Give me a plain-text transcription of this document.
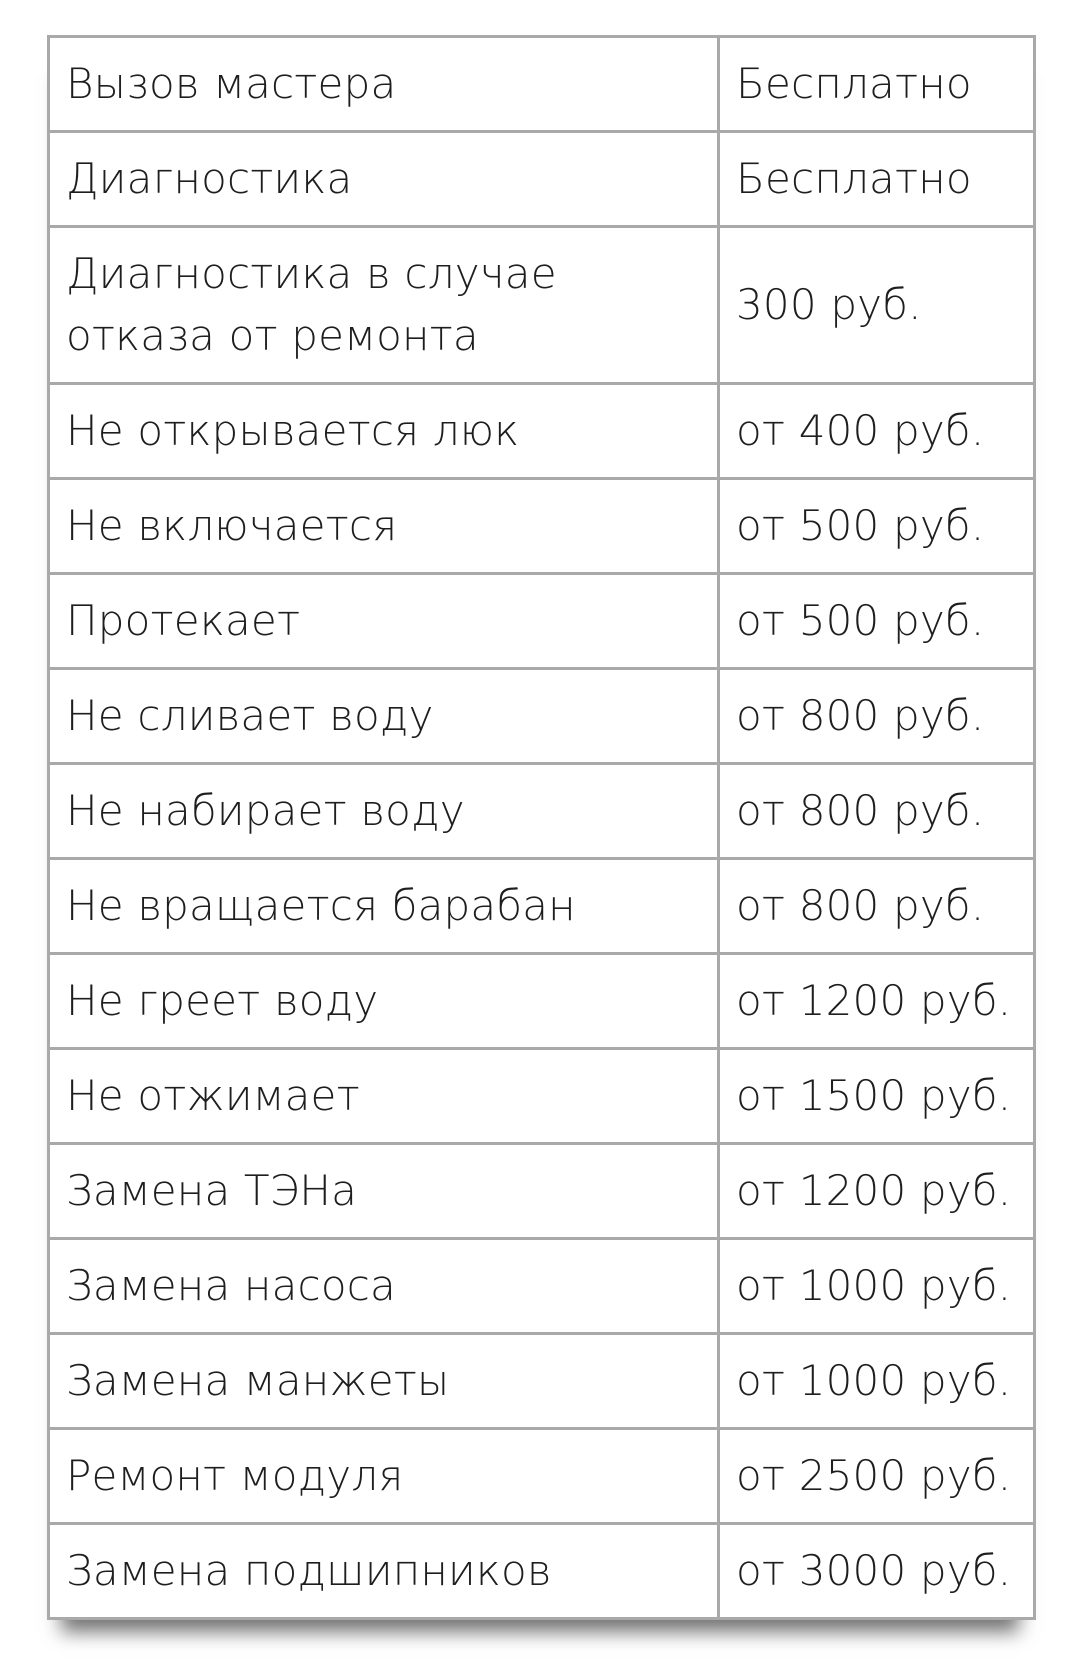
Вызов мастера	Бесплатно
Диагностика	Бесплатно
Диагностика в случае отказа от ремонта	300 руб.
Не открывается люк	от 400 руб.
Не включается	от 500 руб.
Протекает	от 500 руб.
Не сливает воду	от 800 руб.
Не набирает воду	от 800 руб.
Не вращается барабан	от 800 руб.
Не греет воду	от 1200 руб.
Не отжимает	от 1500 руб.
Замена ТЭНа	от 1200 руб.
Замена насоса	от 1000 руб.
Замена манжеты	от 1000 руб.
Ремонт модуля	от 2500 руб.
Замена подшипников	от 3000 руб.
